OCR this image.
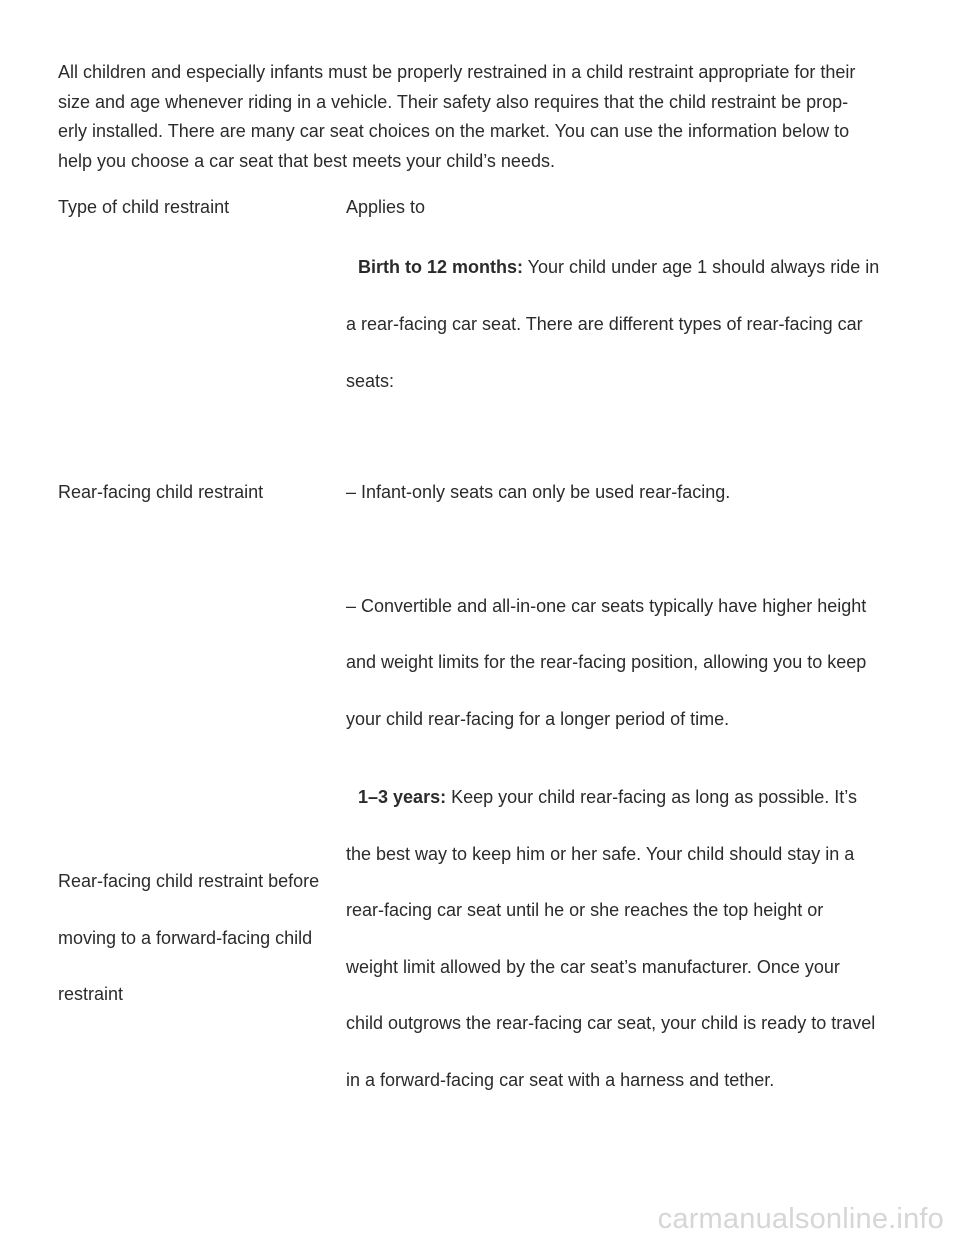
All children and especially infants must be properly restrained in a child restraint appropriate for their
size and age whenever riding in a vehicle. Their safety also requires that the child restraint be prop-
erly installed. There are many car seat choices on the market. You can use the information below to
help you choose a car seat that best meets your child’s needs.
Type of child restraint	Applies to
Rear-facing child restraint
Birth to 12 months: Your child under age 1 should always ride in
a rear-facing car seat. There are different types of rear-facing car
seats:
– Infant-only seats can only be used rear-facing.
– Convertible and all-in-one car seats typically have higher height
and weight limits for the rear-facing position, allowing you to keep
your child rear-facing for a longer period of time.
Rear-facing child restraint before
moving to a forward-facing child
restraint
1–3 years: Keep your child rear-facing as long as possible. It’s
the best way to keep him or her safe. Your child should stay in a
rear-facing car seat until he or she reaches the top height or
weight limit allowed by the car seat’s manufacturer. Once your
child outgrows the rear-facing car seat, your child is ready to travel
in a forward-facing car seat with a harness and tether.
carmanualsonline.info
